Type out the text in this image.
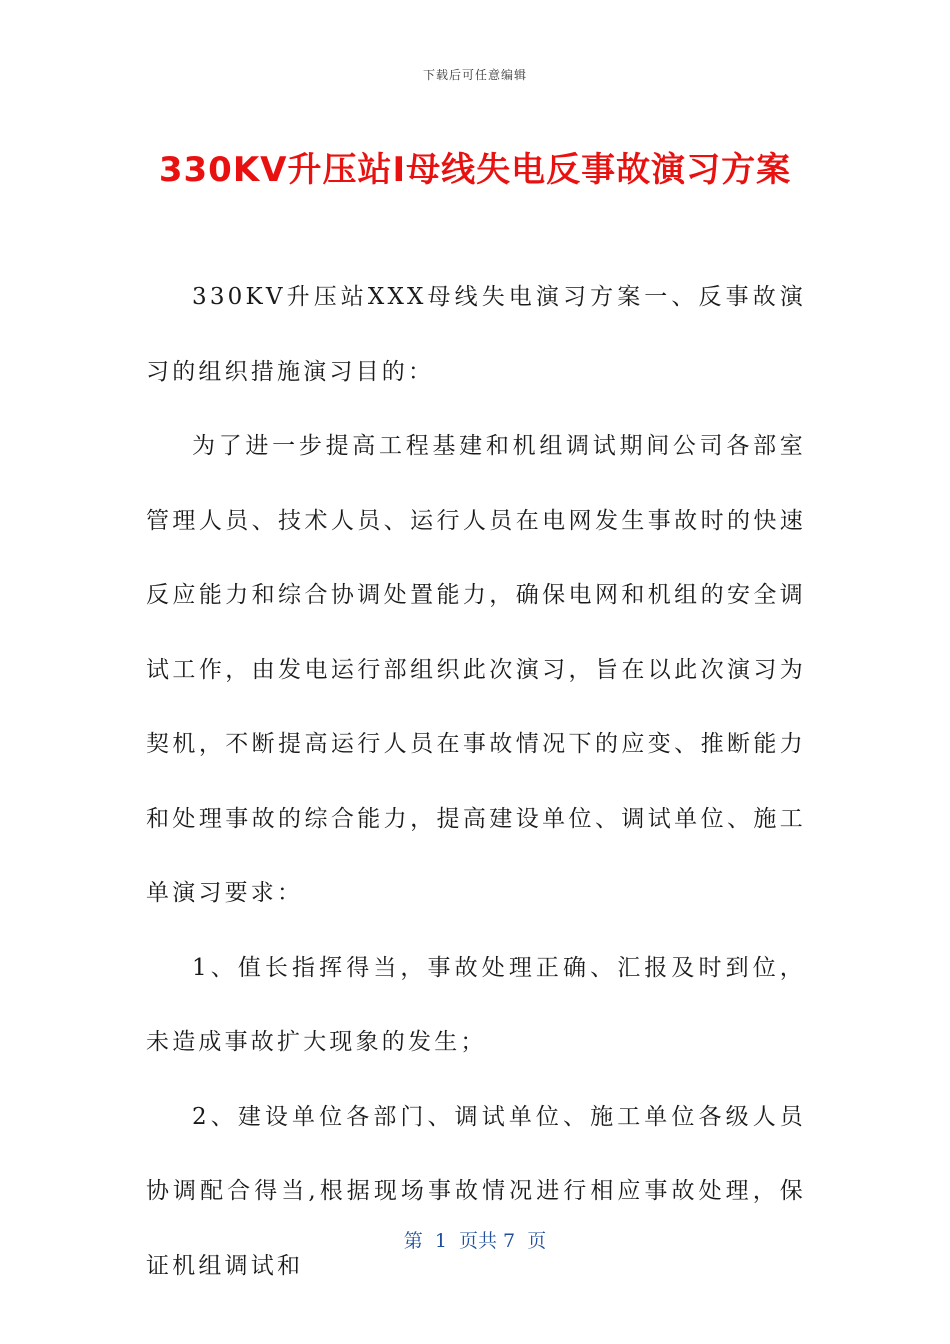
下载后可任意编辑
330KV升压站Ⅰ母线失电反事故演习方案

330KV升压站XXX母线失电演习方案一、反事故演习的组织措施演习目的：

为了进一步提高工程基建和机组调试期间公司各部室管理人员、技术人员、运行人员在电网发生事故时的快速反应能力和综合协调处置能力，确保电网和机组的安全调试工作，由发电运行部组织此次演习，旨在以此次演习为契机，不断提高运行人员在事故情况下的应变、推断能力和处理事故的综合能力，提高建设单位、调试单位、施工单演习要求：

1、值长指挥得当，事故处理正确、汇报及时到位，未造成事故扩大现象的发生；

2、建设单位各部门、调试单位、施工单位各级人员协调配合得当,根据现场事故情况进行相应事故处理，保证机组调试和

第  1  页共 7  页
